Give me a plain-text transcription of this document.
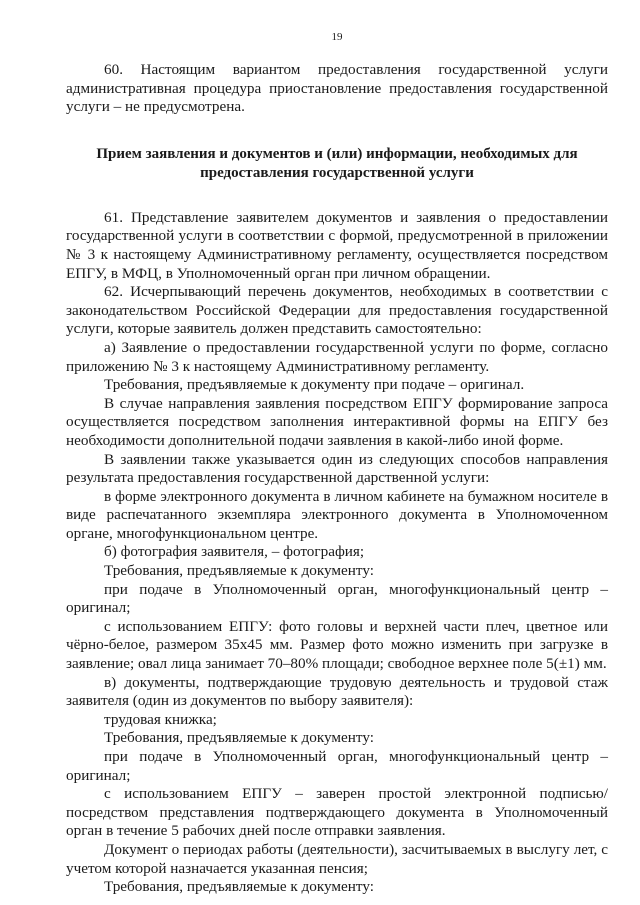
19

60. Настоящим вариантом предоставления государственной услуги административная процедура приостановление предоставления государственной услуги – не предусмотрена.

Прием заявления и документов и (или) информации, необходимых для предоставления государственной услуги

61. Представление заявителем документов и заявления о предоставлении государственной услуги в соответствии с формой, предусмотренной в приложении № 3 к настоящему Административному регламенту, осуществляется посредством ЕПГУ, в МФЦ, в Уполномоченный орган при личном обращении.

62. Исчерпывающий перечень документов, необходимых в соответствии с законодательством Российской Федерации для предоставления государственной услуги, которые заявитель должен представить самостоятельно:

а) Заявление о предоставлении государственной услуги по форме, согласно приложению № 3 к настоящему Административному регламенту.

Требования, предъявляемые к документу при подаче – оригинал.

В случае направления заявления посредством ЕПГУ формирование запроса осуществляется посредством заполнения интерактивной формы на ЕПГУ без необходимости дополнительной подачи заявления в какой-либо иной форме.

В заявлении также указывается один из следующих способов направления результата предоставления государственной дарственной услуги:

в форме электронного документа в личном кабинете на бумажном носителе в виде распечатанного экземпляра электронного документа в Уполномоченном органе, многофункциональном центре.

б) фотография заявителя, – фотография;

Требования, предъявляемые к документу:

при подаче в Уполномоченный орган, многофункциональный центр – оригинал;

с использованием ЕПГУ: фото головы и верхней части плеч, цветное или чёрно-белое, размером 35x45 мм. Размер фото можно изменить при загрузке в заявление; овал лица занимает 70–80% площади; свободное верхнее поле 5(±1) мм.

в) документы, подтверждающие трудовую деятельность и трудовой стаж заявителя (один из документов по выбору заявителя):

трудовая книжка;

Требования, предъявляемые к документу:

при подаче в Уполномоченный орган, многофункциональный центр – оригинал;

с использованием ЕПГУ – заверен простой электронной подписью/ посредством представления подтверждающего документа в Уполномоченный орган в течение 5 рабочих дней после отправки заявления.

Документ о периодах работы (деятельности), засчитываемых в выслугу лет, с учетом которой назначается указанная пенсия;

Требования, предъявляемые к документу:
